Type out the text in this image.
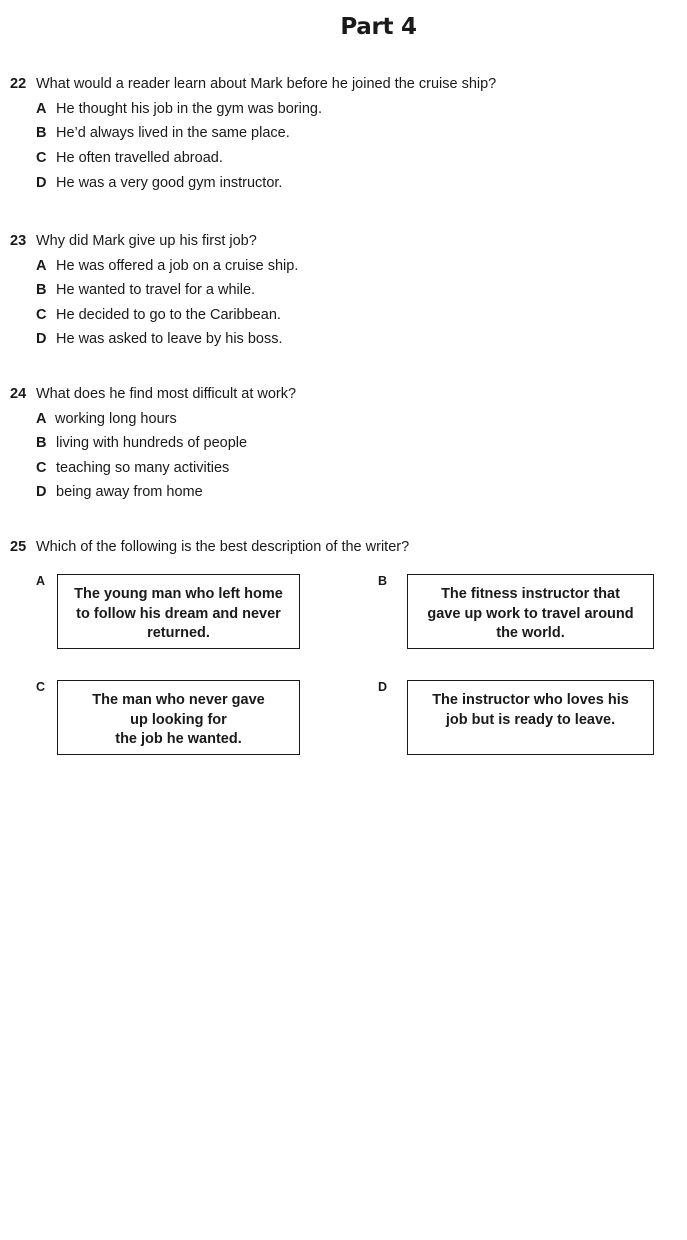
Part 4
22 What would a reader learn about Mark before he joined the cruise ship?
A He thought his job in the gym was boring.
B He’d always lived in the same place.
C He often travelled abroad.
D He was a very good gym instructor.
23 Why did Mark give up his first job?
A He was offered a job on a cruise ship.
B He wanted to travel for a while.
C He decided to go to the Caribbean.
D He was asked to leave by his boss.
24 What does he find most difficult at work?
A working long hours
B living with hundreds of people
C teaching so many activities
D being away from home
25 Which of the following is the best description of the writer?
A
The young man who left home
to follow his dream and never
returned.
B
The fitness instructor that
gave up work to travel around
the world.
C
The man who never gave
up looking for
the job he wanted.
D
The instructor who loves his
job but is ready to leave.
